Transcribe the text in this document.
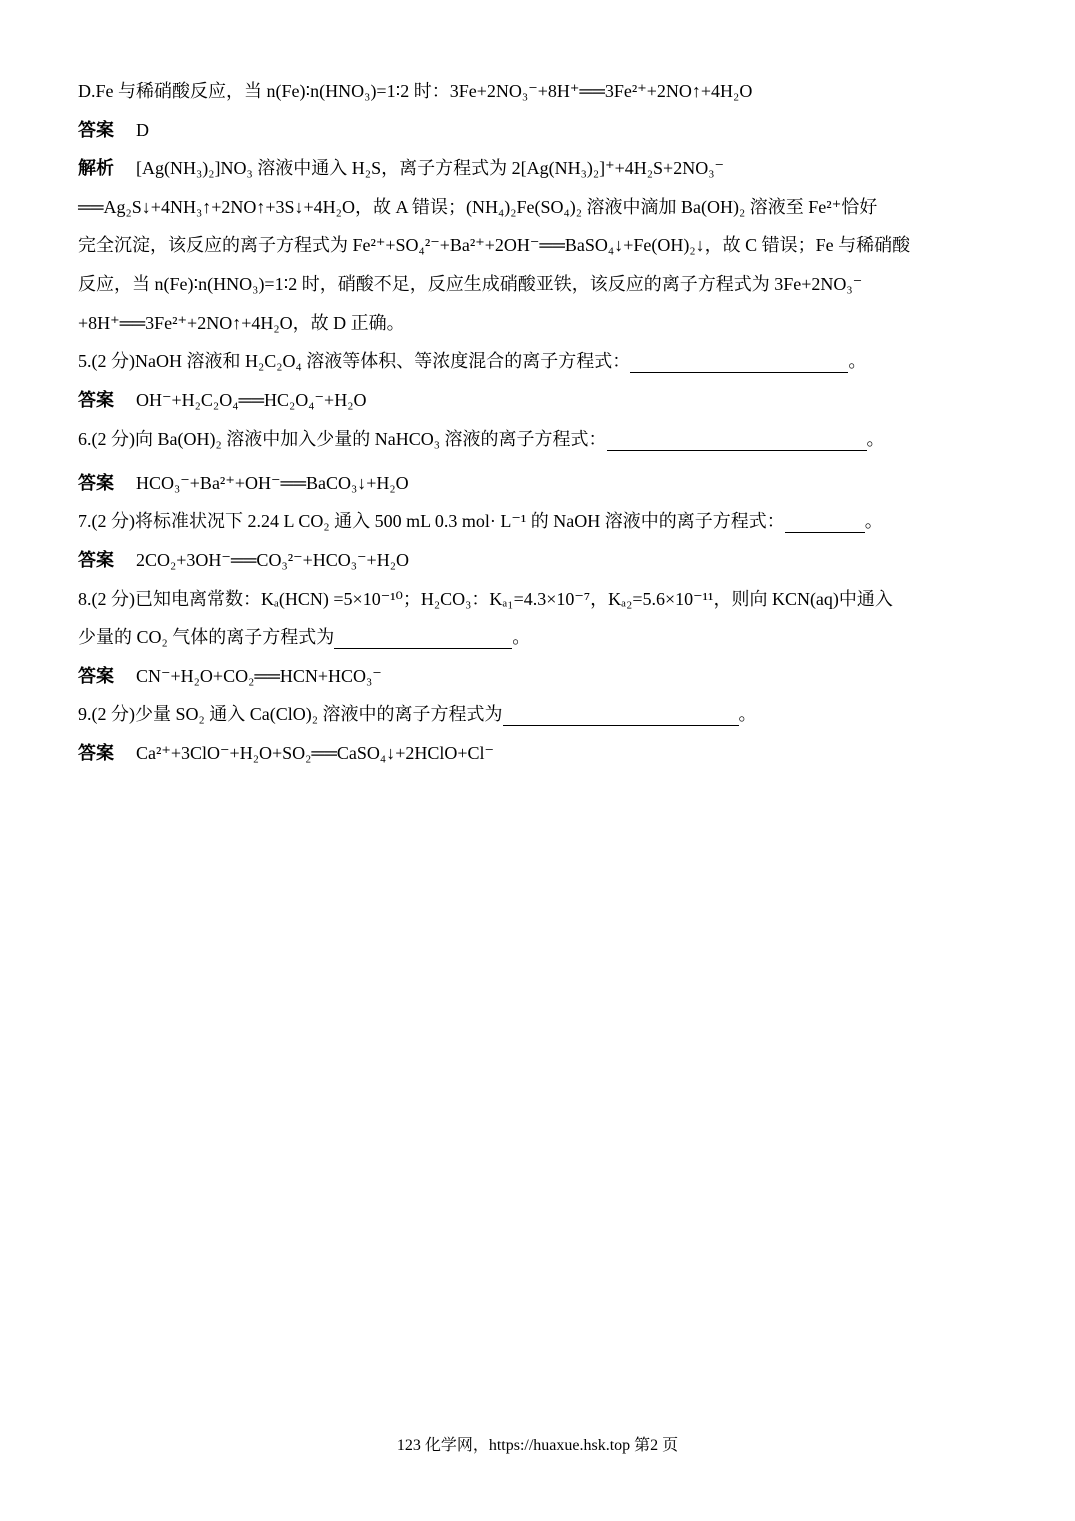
D.Fe 与稀硝酸反应，当 n(Fe)∶n(HNO₃)=1∶2 时：3Fe+2NO₃⁻+8H⁺══3Fe²⁺+2NO↑+4H₂O
答案 D
解析 [Ag(NH₃)₂]NO₃ 溶液中通入 H₂S，离子方程式为 2[Ag(NH₃)₂]⁺+4H₂S+2NO₃⁻
══Ag₂S↓+4NH₃↑+2NO↑+3S↓+4H₂O，故 A 错误；(NH₄)₂Fe(SO₄)₂ 溶液中滴加 Ba(OH)₂ 溶液至 Fe²⁺恰好
完全沉淀，该反应的离子方程式为 Fe²⁺+SO₄²⁻+Ba²⁺+2OH⁻══BaSO₄↓+Fe(OH)₂↓，故 C 错误；Fe 与稀硝酸
反应，当 n(Fe)∶n(HNO₃)=1∶2 时，硝酸不足，反应生成硝酸亚铁，该反应的离子方程式为 3Fe+2NO₃⁻
+8H⁺══3Fe²⁺+2NO↑+4H₂O，故 D 正确。
5.(2 分)NaOH 溶液和 H₂C₂O₄ 溶液等体积、等浓度混合的离子方程式：	。
答案 OH⁻+H₂C₂O₄══HC₂O₄⁻+H₂O
6.(2 分)向 Ba(OH)₂ 溶液中加入少量的 NaHCO₃ 溶液的离子方程式：	。
答案 HCO₃⁻+Ba²⁺+OH⁻══BaCO₃↓+H₂O
7.(2 分)将标准状况下 2.24 L CO₂ 通入 500 mL 0.3 mol· L⁻¹ 的 NaOH 溶液中的离子方程式：	。
答案 2CO₂+3OH⁻══CO₃²⁻+HCO₃⁻+H₂O
8.(2 分)已知电离常数：Kₐ(HCN) =5×10⁻¹⁰；H₂CO₃：Kₐ₁=4.3×10⁻⁷，Kₐ₂=5.6×10⁻¹¹，则向 KCN(aq)中通入
少量的 CO₂ 气体的离子方程式为	。
答案 CN⁻+H₂O+CO₂══HCN+HCO₃⁻
9.(2 分)少量 SO₂ 通入 Ca(ClO)₂ 溶液中的离子方程式为	。
答案 Ca²⁺+3ClO⁻+H₂O+SO₂══CaSO₄↓+2HClO+Cl⁻
123 化学网，https://huaxue.hsk.top 第2 页
